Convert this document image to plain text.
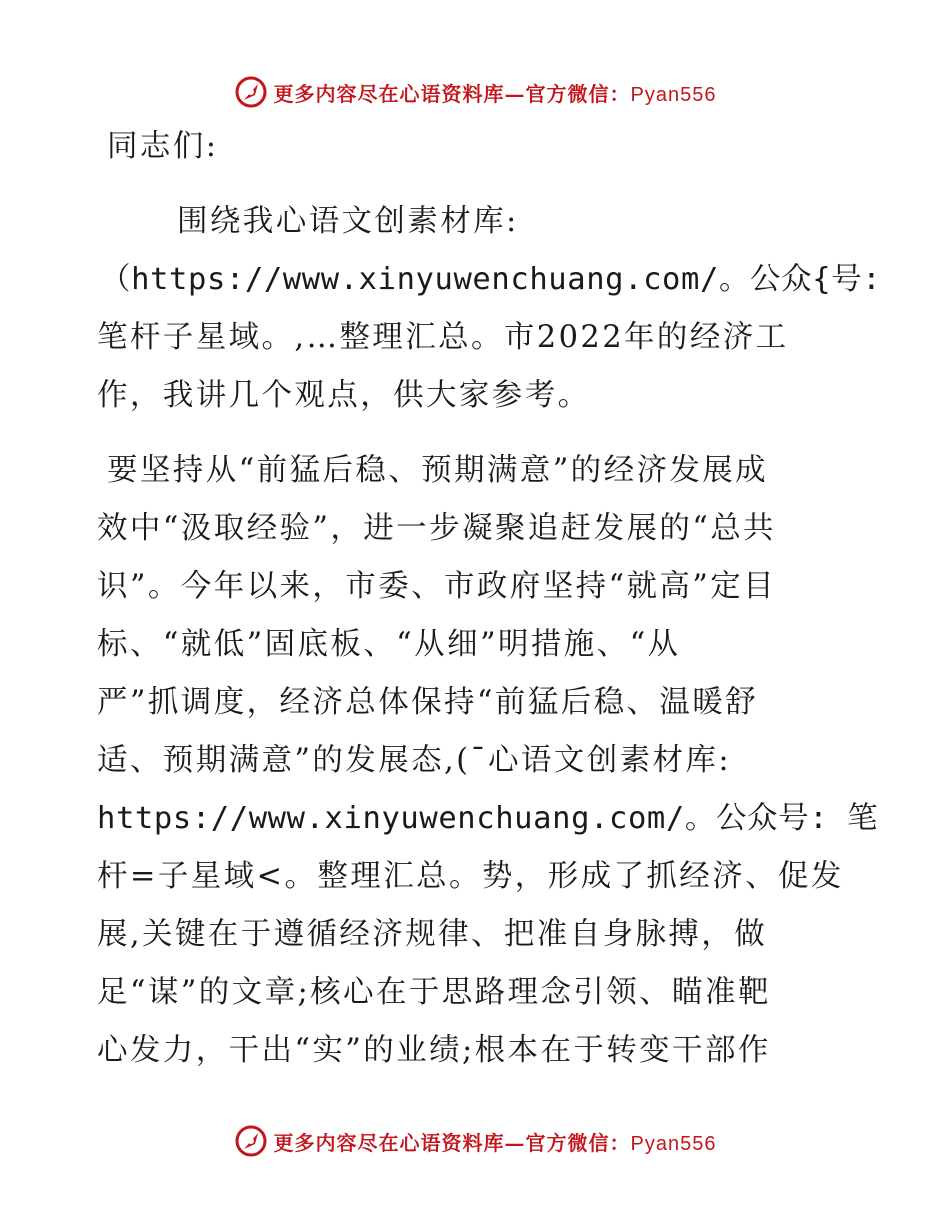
更多内容尽在心语资料库—官方微信：Pyan556
同志们:
围绕我心语文创素材库:
（https://www.xinyuwenchuang.com/。公众{号:
笔杆子星域。,…整理汇总。市2022年的经济工
作，我讲几个观点，供大家参考。
要坚持从“前猛后稳、预期满意”的经济发展成
效中“汲取经验”，进一步凝聚追赶发展的“总共
识”。今年以来，市委、市政府坚持“就高”定目
标、“就低”固底板、“从细”明措施、“从
严”抓调度，经济总体保持“前猛后稳、温暖舒
适、预期满意”的发展态,(¯心语文创素材库:
https://www.xinyuwenchuang.com/。公众号: 笔
杆=子星域<。整理汇总。势，形成了抓经济、促发
展,关键在于遵循经济规律、把准自身脉搏，做
足“谋”的文章;核心在于思路理念引领、瞄准靶
心发力，干出“实”的业绩;根本在于转变干部作
更多内容尽在心语资料库—官方微信：Pyan556
